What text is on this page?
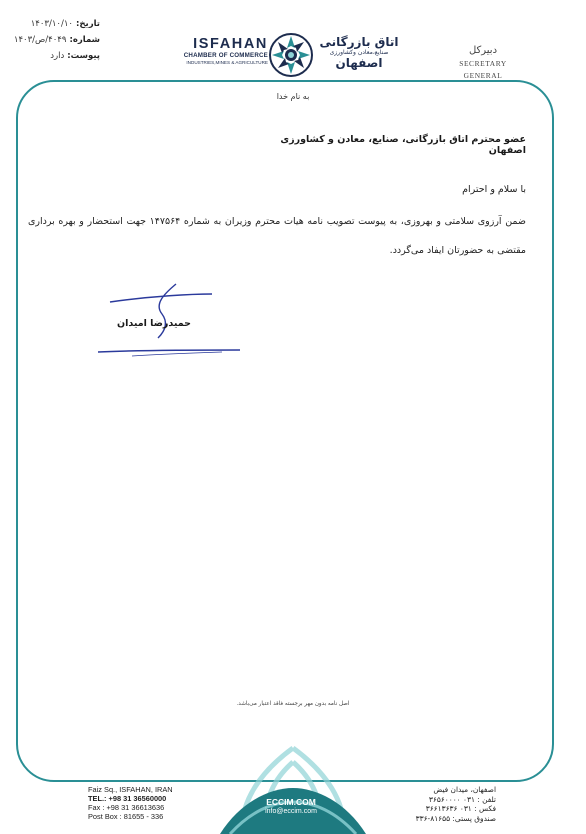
تاریخ:
۱۴۰۳/۱۰/۱۰
شماره:
۴۰۴۹/ص/۱۴۰۳
پیوست:
دارد
ISFAHAN
CHAMBER OF COMMERCE
INDUSTRIES,MINES & AGRICULTURE
اتاق بازرگانی
صنایع،معادن وکشاورزی
اصفهان
دبیرکل
SECRETARY GENERAL
به نام خدا
عضو محترم اتاق بازرگانی، صنایع، معادن و کشاورزی اصفهان
با سلام و احترام
ضمن آرزوی سلامتی و بهروزی، به پیوست تصویب نامه هیات محترم وزیران به شماره ۱۴۷۵۶۴ جهت استحضار و بهره برداری مقتضی به حضورتان ایفاد می‌گردد.
حمیدرضا امیدان
اصل نامه بدون مهر برجسته فاقد اعتبار می‌باشد.
Faiz Sq., ISFAHAN, IRAN
TEL.: +98 31 36560000
Fax : +98 31 36613636
Post Box : 81655 - 336
ECCIM.COM
info@eccim.com
اصفهان، میدان فیض
تلفن : ۰۳۱ ۳۶۵۶۰۰۰۰
فکس : ۰۳۱ ۳۶۶۱۳۶۳۶
صندوق پستی: ۸۱۶۵۵-۳۳۶
